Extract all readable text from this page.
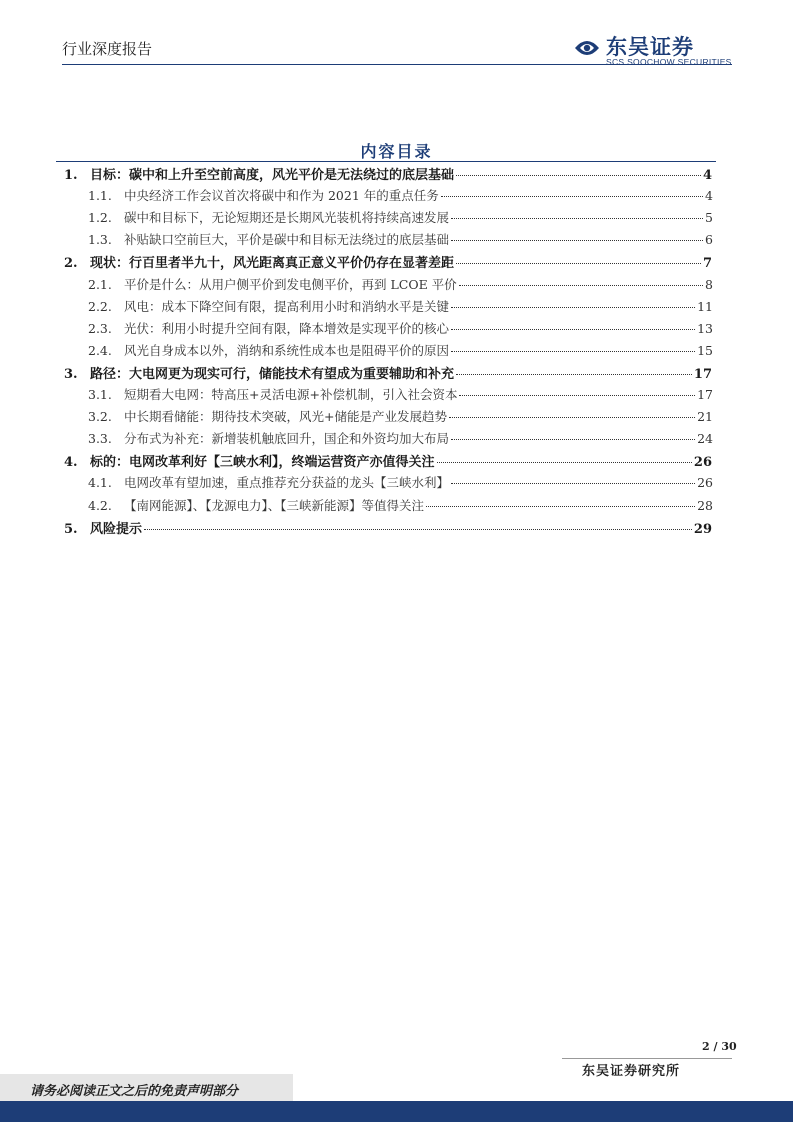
行业深度报告	东吴证券
SCS SOOCHOW SECURITIES
内容目录
1. 目标：碳中和上升至空前高度，风光平价是无法绕过的底层基础	4
1.1. 中央经济工作会议首次将碳中和作为 2021 年的重点任务	4
1.2. 碳中和目标下，无论短期还是长期风光装机将持续高速发展	5
1.3. 补贴缺口空前巨大，平价是碳中和目标无法绕过的底层基础	6
2. 现状：行百里者半九十，风光距离真正意义平价仍存在显著差距	7
2.1. 平价是什么：从用户侧平价到发电侧平价，再到 LCOE 平价	8
2.2. 风电：成本下降空间有限，提高利用小时和消纳水平是关键	11
2.3. 光伏：利用小时提升空间有限，降本增效是实现平价的核心	13
2.4. 风光自身成本以外，消纳和系统性成本也是阻碍平价的原因	15
3. 路径：大电网更为现实可行，储能技术有望成为重要辅助和补充	17
3.1. 短期看大电网：特高压+灵活电源+补偿机制，引入社会资本	17
3.2. 中长期看储能：期待技术突破，风光+储能是产业发展趋势	21
3.3. 分布式为补充：新增装机触底回升，国企和外资均加大布局	24
4. 标的：电网改革利好【三峡水利】，终端运营资产亦值得关注	26
4.1. 电网改革有望加速，重点推荐充分获益的龙头【三峡水利】	26
4.2. 【南网能源】、【龙源电力】、【三峡新能源】等值得关注	28
5. 风险提示	29
2 / 30
东吴证券研究所
请务必阅读正文之后的免责声明部分
